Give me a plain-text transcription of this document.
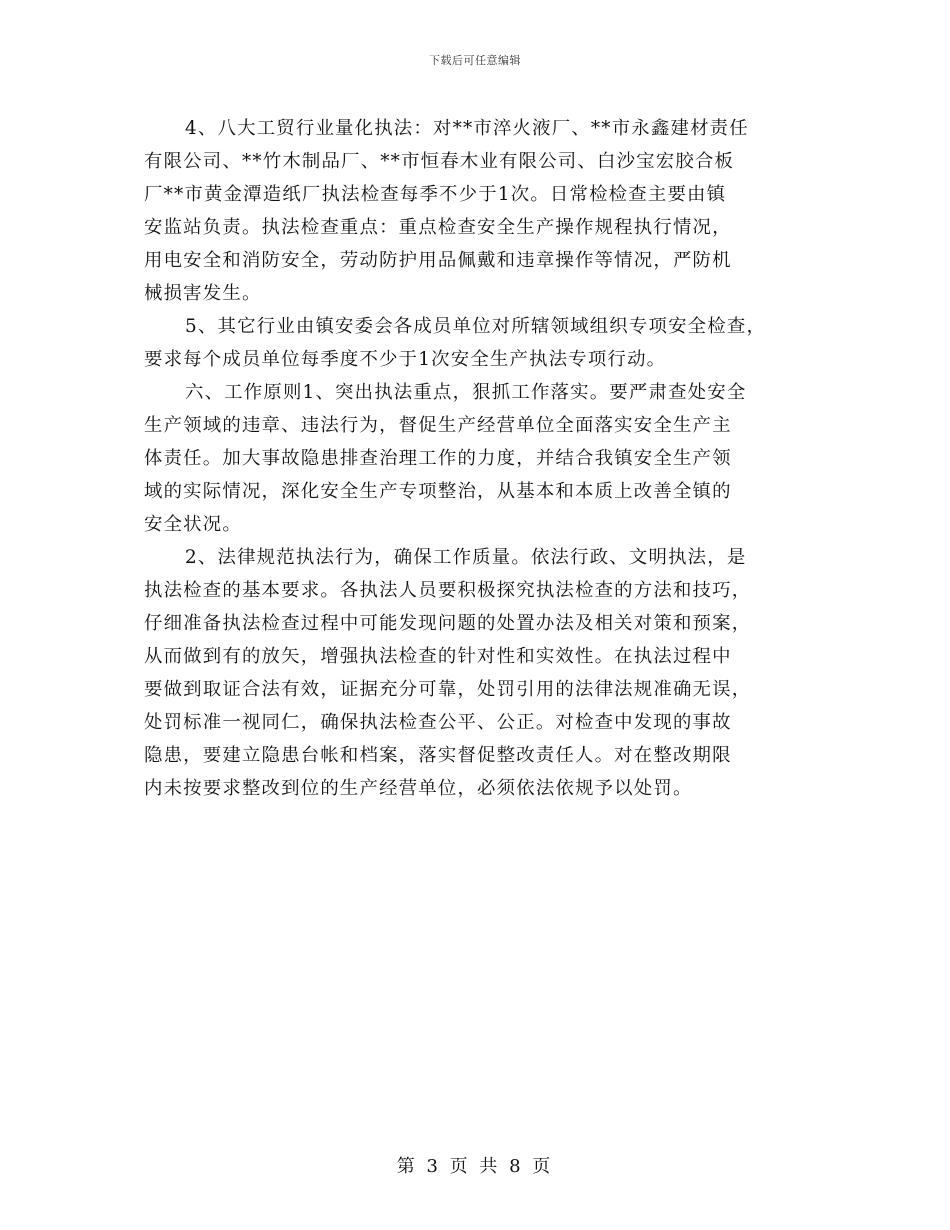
下载后可任意编辑

4、八大工贸行业量化执法：对**市淬火液厂、**市永鑫建材责任
有限公司、**竹木制品厂、**市恒春木业有限公司、白沙宝宏胶合板
厂**市黄金潭造纸厂执法检查每季不少于1次。日常检检查主要由镇
安监站负责。执法检查重点：重点检查安全生产操作规程执行情况，
用电安全和消防安全，劳动防护用品佩戴和违章操作等情况，严防机
械损害发生。

5、其它行业由镇安委会各成员单位对所辖领域组织专项安全检查，
要求每个成员单位每季度不少于1次安全生产执法专项行动。

六、工作原则1、突出执法重点，狠抓工作落实。要严肃查处安全
生产领域的违章、违法行为，督促生产经营单位全面落实安全生产主
体责任。加大事故隐患排查治理工作的力度，并结合我镇安全生产领
域的实际情况，深化安全生产专项整治，从基本和本质上改善全镇的
安全状况。

2、法律规范执法行为，确保工作质量。依法行政、文明执法，是
执法检查的基本要求。各执法人员要积极探究执法检查的方法和技巧，
仔细准备执法检查过程中可能发现问题的处置办法及相关对策和预案，
从而做到有的放矢，增强执法检查的针对性和实效性。在执法过程中
要做到取证合法有效，证据充分可靠，处罚引用的法律法规准确无误，
处罚标准一视同仁，确保执法检查公平、公正。对检查中发现的事故
隐患，要建立隐患台帐和档案，落实督促整改责任人。对在整改期限
内未按要求整改到位的生产经营单位，必须依法依规予以处罚。

第 3 页 共 8 页
